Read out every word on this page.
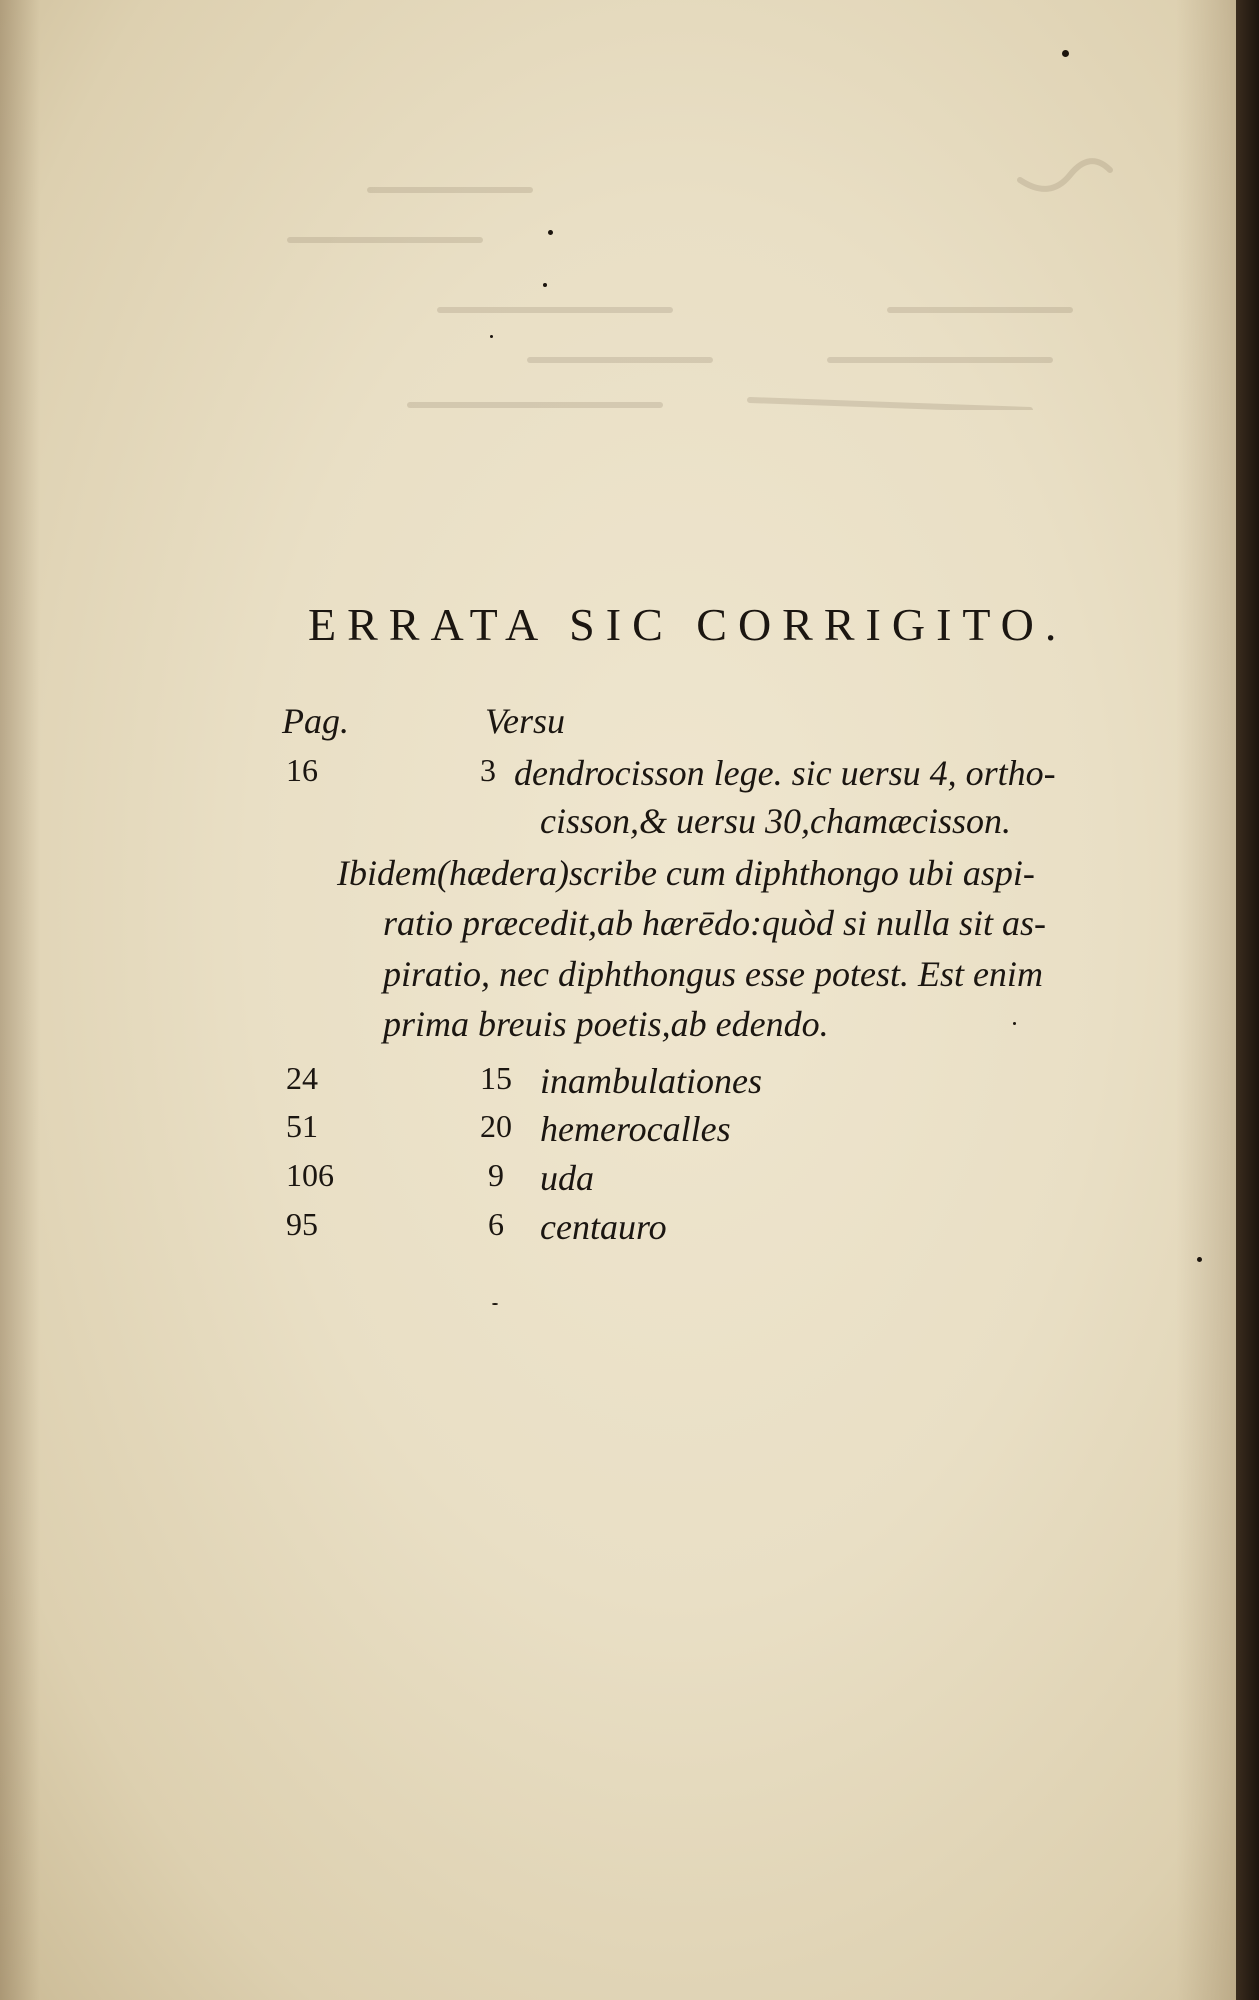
ERRATA SIC CORRIGITO.
Pag.	Versu
16	3 dendrocisson lege. sic uersu 4, ortho-
cisson,& uersu 30,chamæcisson.
Ibidem(hædera)scribe cum diphthongo ubi aspi-
ratio præcedit,ab hærēdo:quòd si nulla sit as-
piratio, nec diphthongus esse potest. Est enim
prima breuis poetis,ab edendo.
24	15 inambulationes
51	20 hemerocalles
106	9 uda
95	6 centauro
